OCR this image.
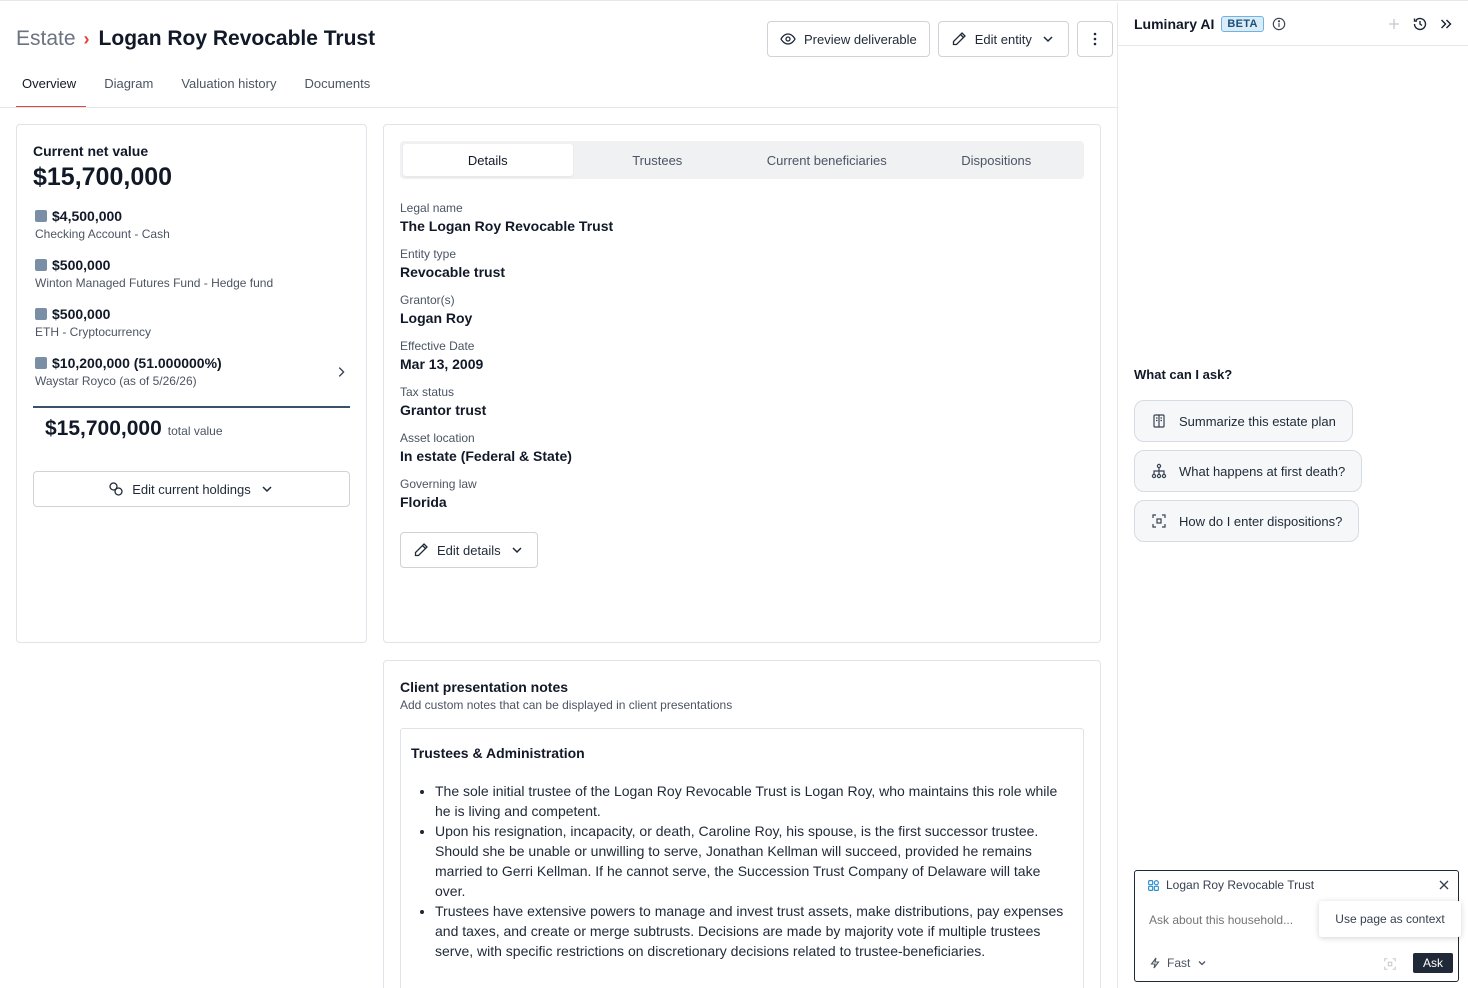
Estate › Logan Roy Revocable Trust	Preview deliverable	Edit entity
Overview	Diagram	Valuation history	Documents
Current net value
$15,700,000
$4,500,000
Checking Account - Cash
$500,000
Winton Managed Futures Fund - Hedge fund
$500,000
ETH - Cryptocurrency
$10,200,000 (51.000000%)
Waystar Royco (as of 5/26/26)
$15,700,000 total value
Edit current holdings
Details	Trustees	Current beneficiaries	Dispositions
Legal name
The Logan Roy Revocable Trust
Entity type
Revocable trust
Grantor(s)
Logan Roy
Effective Date
Mar 13, 2009
Tax status
Grantor trust
Asset location
In estate (Federal & State)
Governing law
Florida
Edit details
Client presentation notes
Add custom notes that can be displayed in client presentations
Trustees & Administration
• The sole initial trustee of the Logan Roy Revocable Trust is Logan Roy, who maintains this role while he is living and competent.
• Upon his resignation, incapacity, or death, Caroline Roy, his spouse, is the first successor trustee. Should she be unable or unwilling to serve, Jonathan Kellman will succeed, provided he remains married to Gerri Kellman. If he cannot serve, the Succession Trust Company of Delaware will take over.
• Trustees have extensive powers to manage and invest trust assets, make distributions, pay expenses and taxes, and create or merge subtrusts. Decisions are made by majority vote if multiple trustees serve, with specific restrictions on discretionary decisions related to trustee-beneficiaries.
Luminary AI	BETA
What can I ask?
Summarize this estate plan
What happens at first death?
How do I enter dispositions?
Logan Roy Revocable Trust
Ask about this household...
Use page as context
Fast	Ask
